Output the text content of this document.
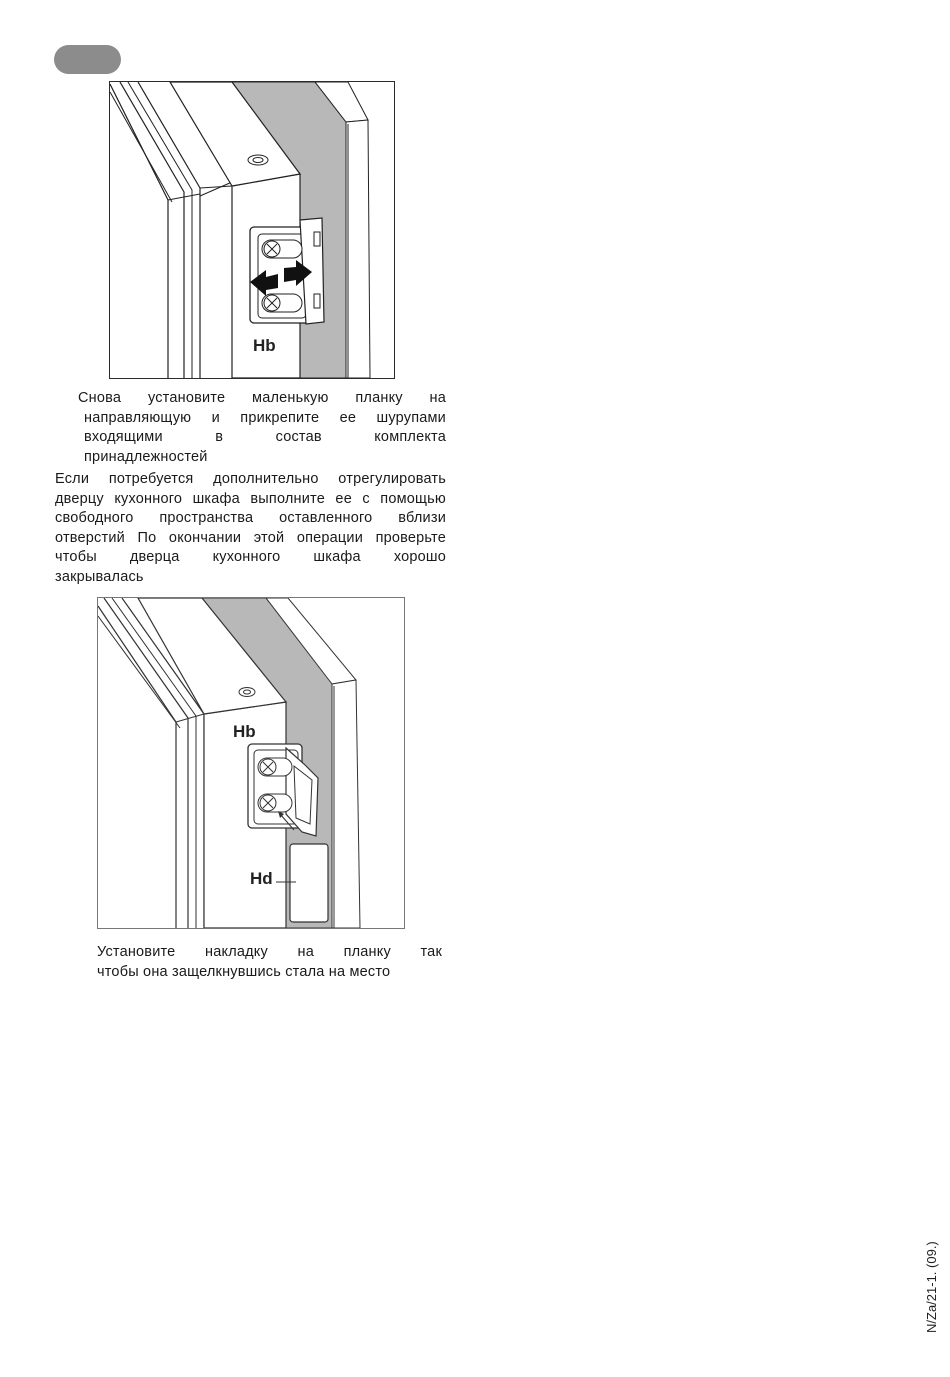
Hb
Снова установите маленькую планку на
направляющую и прикрепите ее шурупами
входящими в состав комплекта
принадлежностей
Если потребуется дополнительно отрегулировать
дверцу кухонного шкафа выполните ее с помощью
свободного пространства оставленного вблизи
отверстий По окончании этой операции проверьте
чтобы дверца кухонного шкафа хорошо
закрывалась
Hb
Hd
Установите накладку на планку так
чтобы она защелкнувшись стала на место
N/Za/21-1. (09.)
